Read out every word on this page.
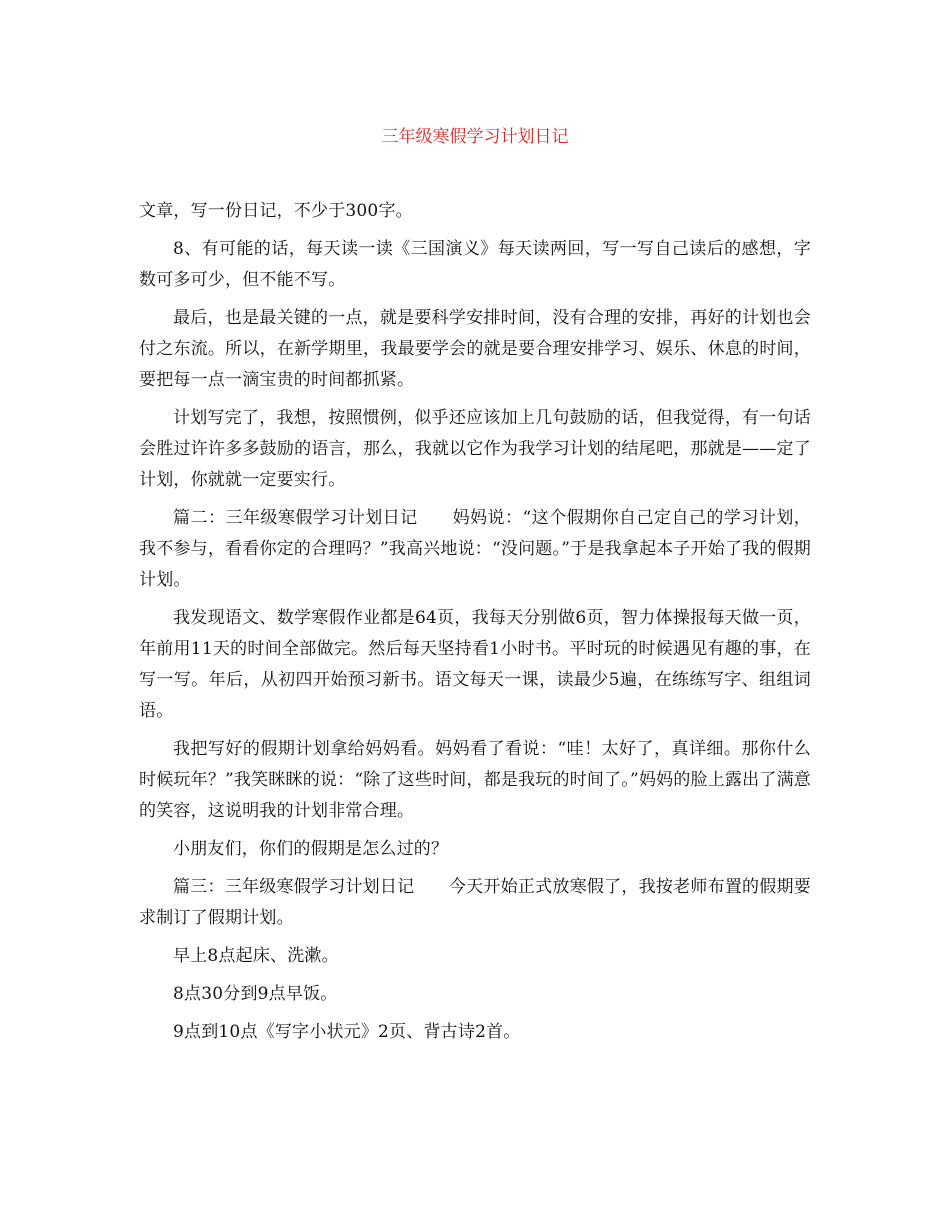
三年级寒假学习计划日记

文章，写一份日记，不少于300字。

8、有可能的话，每天读一读《三国演义》每天读两回，写一写自己读后的感想，字数可多可少，但不能不写。

最后，也是最关键的一点，就是要科学安排时间，没有合理的安排，再好的计划也会付之东流。所以，在新学期里，我最要学会的就是要合理安排学习、娱乐、休息的时间，要把每一点一滴宝贵的时间都抓紧。

计划写完了，我想，按照惯例，似乎还应该加上几句鼓励的话，但我觉得，有一句话会胜过许许多多鼓励的语言，那么，我就以它作为我学习计划的结尾吧，那就是——定了计划，你就就一定要实行。

篇二：三年级寒假学习计划日记　　妈妈说：“这个假期你自己定自己的学习计划，我不参与，看看你定的合理吗？”我高兴地说：“没问题。”于是我拿起本子开始了我的假期计划。

我发现语文、数学寒假作业都是64页，我每天分别做6页，智力体操报每天做一页，年前用11天的时间全部做完。然后每天坚持看1小时书。平时玩的时候遇见有趣的事，在写一写。年后，从初四开始预习新书。语文每天一课，读最少5遍，在练练写字、组组词语。

我把写好的假期计划拿给妈妈看。妈妈看了看说：“哇！太好了，真详细。那你什么时候玩年？”我笑眯眯的说：“除了这些时间，都是我玩的时间了。”妈妈的脸上露出了满意的笑容，这说明我的计划非常合理。

小朋友们，你们的假期是怎么过的？

篇三：三年级寒假学习计划日记　　今天开始正式放寒假了，我按老师布置的假期要求制订了假期计划。

早上8点起床、洗漱。

8点30分到9点早饭。

9点到10点《写字小状元》2页、背古诗2首。
